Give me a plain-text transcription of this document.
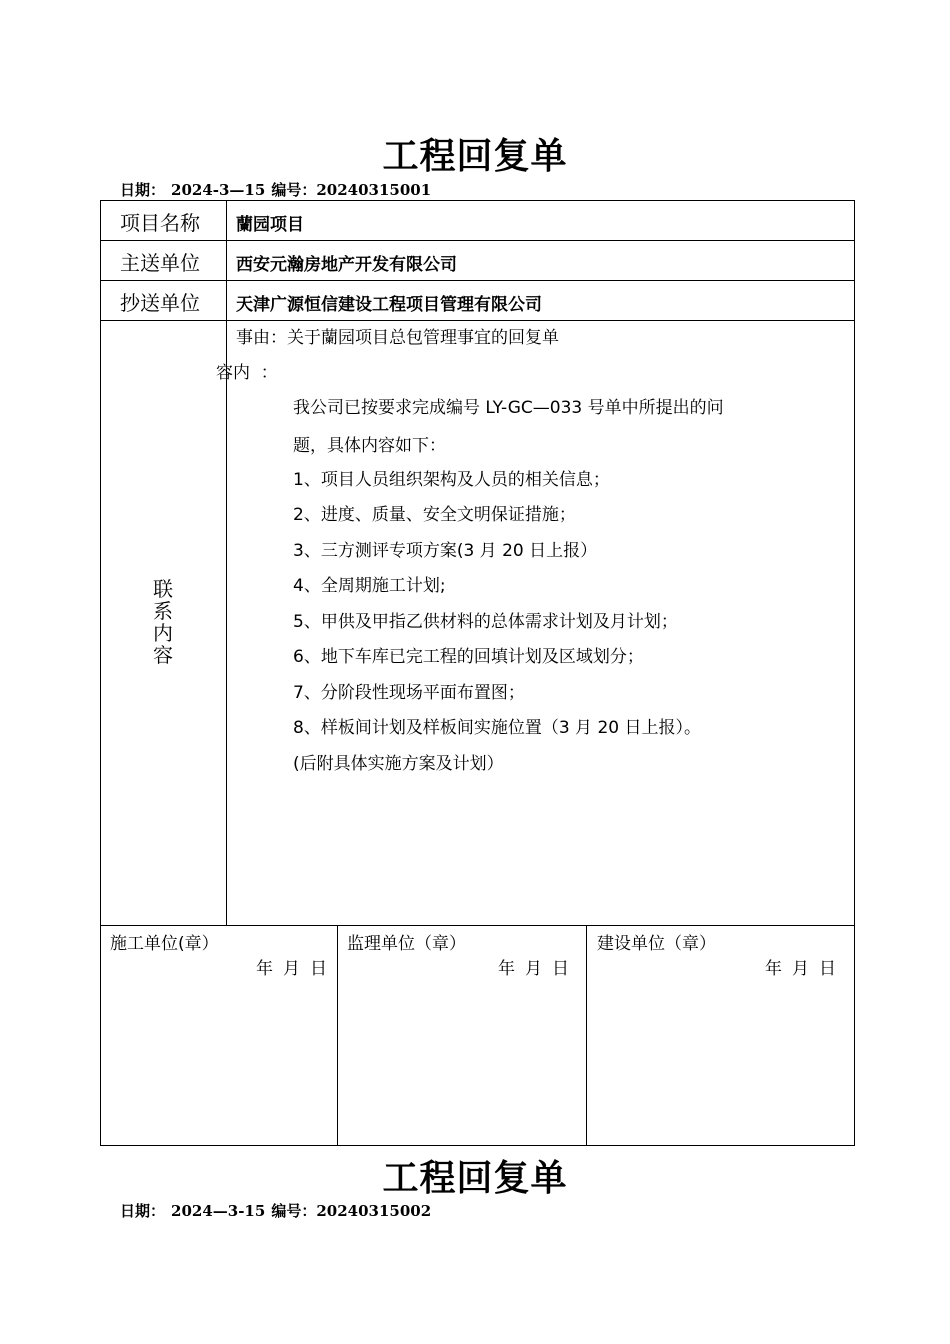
工程回复单
日期： 2024-3—15 编号：20240315001
项目名称 蘭园项目
主送单位 西安元瀚房地产开发有限公司
抄送单位 天津广源恒信建设工程项目管理有限公司
联
系
内
容
事由：关于蘭园项目总包管理事宜的回复单
容内  ：
我公司已按要求完成编号 LY-GC—033 号单中所提出的问
题，具体内容如下：
1、项目人员组织架构及人员的相关信息；
2、进度、质量、安全文明保证措施；
3、三方测评专项方案(3 月 20 日上报）
4、全周期施工计划;
5、甲供及甲指乙供材料的总体需求计划及月计划；
6、地下车库已完工程的回填计划及区域划分；
7、分阶段性现场平面布置图；
8、样板间计划及样板间实施位置（3 月 20 日上报）。
(后附具体实施方案及计划）
施工单位(章）
年月日
监理单位（章）
年月日
建设单位（章）
年月日
工程回复单
日期： 2024—3-15 编号：20240315002
